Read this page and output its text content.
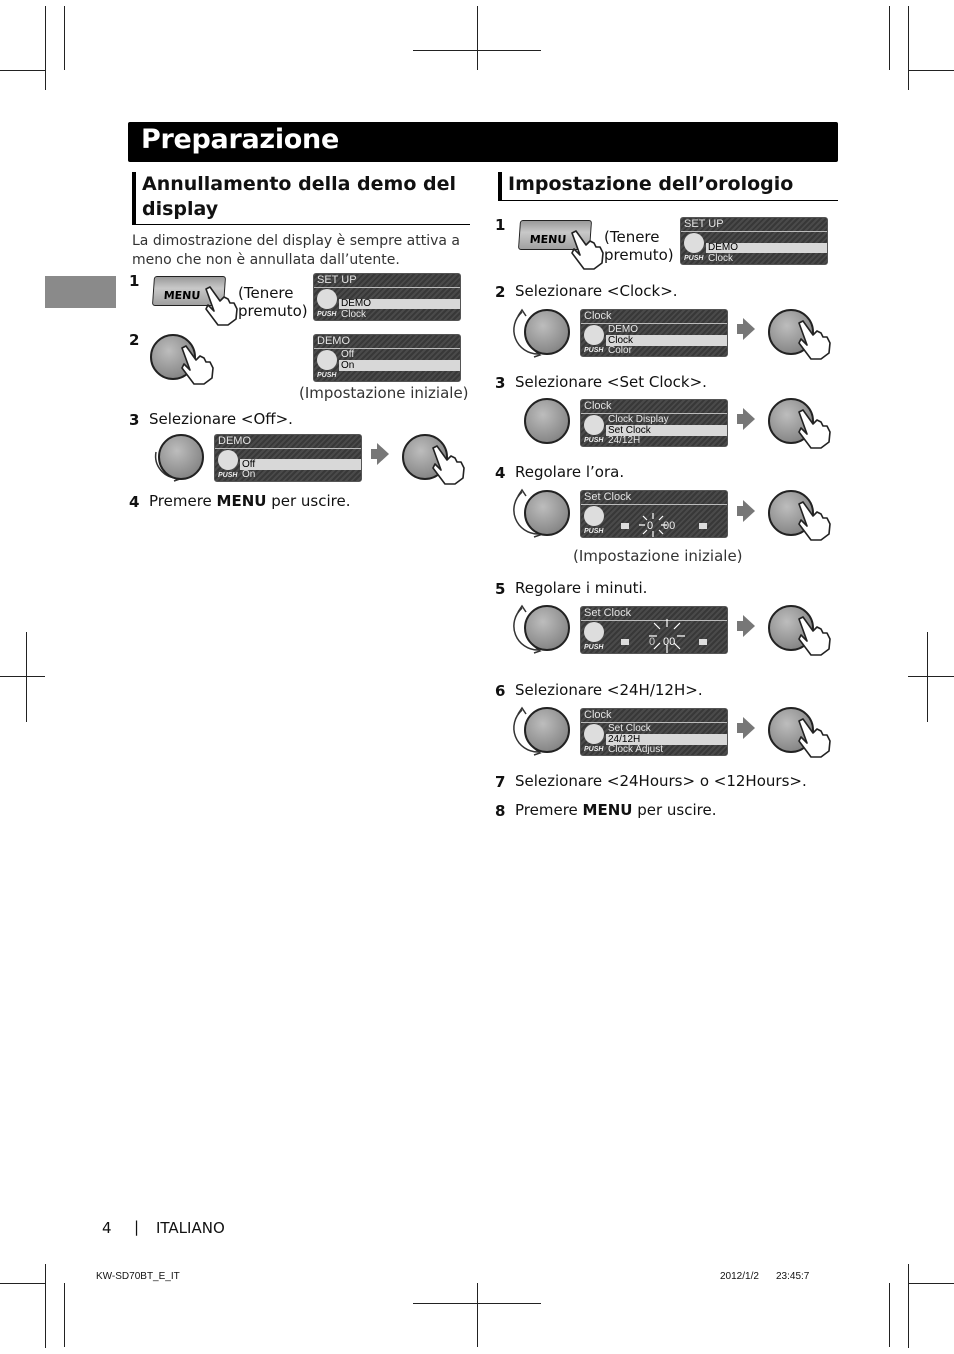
Preparazione
Annullamento della demo del
display
La dimostrazione del display è sempre attiva a
meno che non è annullata dall’utente.
1
MENU (Tenere
premuto)
SET UP
DEMO
Clock
PUSH
2	DEMO
Off
On
PUSH
(Impostazione iniziale)
3 Selezionare <Off>.
DEMO
Off
On
PUSH
4 Premere MENU per uscire.
Impostazione dell’orologio
1
MENU (Tenere
premuto)
SET UP
DEMO
Clock
PUSH
2 Selezionare <Clock>.
Clock
DEMO
Clock
Color
PUSH
3 Selezionare <Set Clock>.
Clock
Clock Display
Set Clock
24/12H
PUSH
4 Regolare l’ora.
Set Clock
0 00
PUSH
(Impostazione iniziale)
5 Regolare i minuti.
Set Clock
0 00
PUSH
6 Selezionare <24H/12H>.
Clock
Set Clock
24/12H
Clock Adjust
PUSH
7 Selezionare <24Hours> o <12Hours>.
8 Premere MENU per uscire.
4 | ITALIANO
KW-SD70BT_E_IT	2012/1/2 23:45:7
